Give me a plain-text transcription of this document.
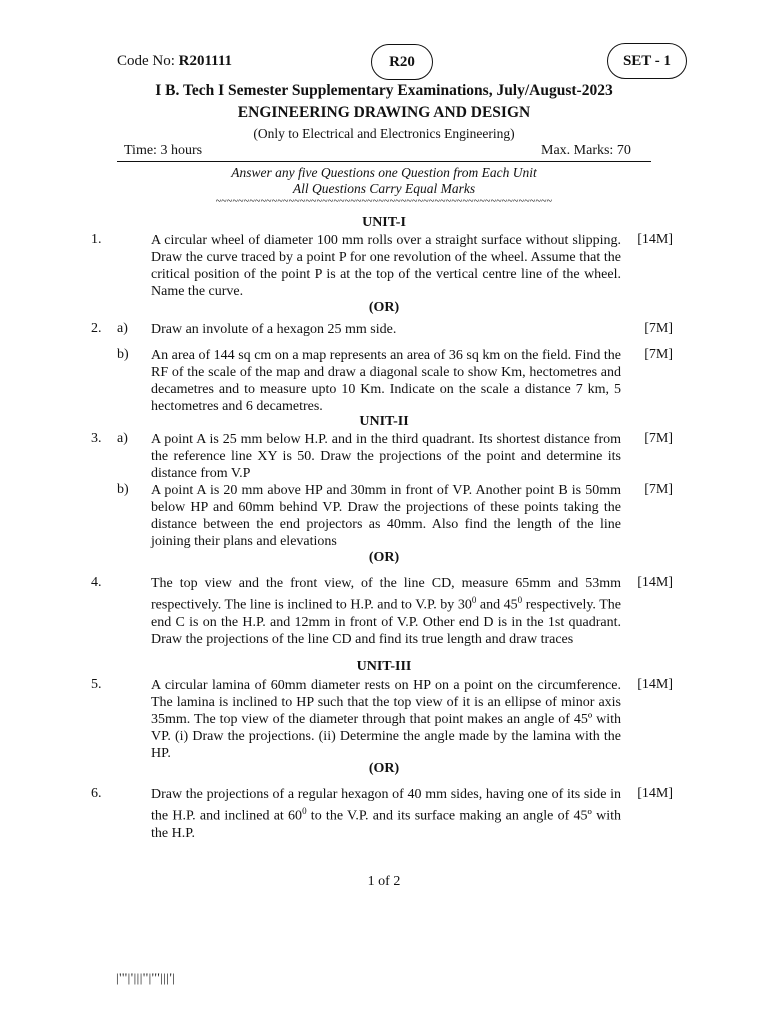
Code No: R201111	R20	SET - 1
I B. Tech I Semester Supplementary Examinations, July/August-2023
ENGINEERING DRAWING AND DESIGN
(Only to Electrical and Electronics Engineering)
Time: 3 hours	Max. Marks: 70
Answer any five Questions one Question from Each Unit
All Questions Carry Equal Marks
~~~~~~~~~~~~~~~~~~~~~~~~~~~~~~~~~~~~~~~~~~~~~~~~~~~~~~~~~~~~
UNIT-I
1.	A circular wheel of diameter 100 mm rolls over a straight surface without slipping. Draw the curve traced by a point P for one revolution of the wheel. Assume that the critical position of the point P is at the top of the vertical centre line of the wheel. Name the curve.
[14M]
(OR)
2. a) Draw an involute of a hexagon 25 mm side.	[7M]
b) An area of 144 sq cm on a map represents an area of 36 sq km on the field. Find the RF of the scale of the map and draw a diagonal scale to show Km, hectometres and decametres and to measure upto 10 Km. Indicate on the scale a distance 7 km, 5 hectometres and 6 decametres.
[7M]
UNIT-II
3. a) A point A is 25 mm below H.P. and in the third quadrant. Its shortest distance from the reference line XY is 50. Draw the projections of the point and determine its distance from V.P
[7M]
b) A point A is 20 mm above HP and 30mm in front of VP. Another point B is 50mm below HP and 60mm behind VP. Draw the projections of these points taking the distance between the end projectors as 40mm. Also find the length of the line joining their plans and elevations
[7M]
(OR)
4.	The top view and the front view, of the line CD, measure 65mm and 53mm respectively. The line is inclined to H.P. and to V.P. by $30^0$ and $45^0$ respectively. The end C is on the H.P. and 12mm in front of V.P. Other end D is in the 1st quadrant. Draw the projections of the line CD and find its true length and draw traces
[14M]
UNIT-III
5.	A circular lamina of 60mm diameter rests on HP on a point on the circumference. The lamina is inclined to HP such that the top view of it is an ellipse of minor axis 35mm. The top view of the diameter through that point makes an angle of 45º with VP. (i) Draw the projections. (ii) Determine the angle made by the lamina with the HP.
[14M]
(OR)
6.	Draw the projections of a regular hexagon of 40 mm sides, having one of its side in the H.P. and inclined at $60^0$ to the V.P. and its surface making an angle of 45º with the H.P.
[14M]
1 of 2
|'''|'|||''|'''|||'|
